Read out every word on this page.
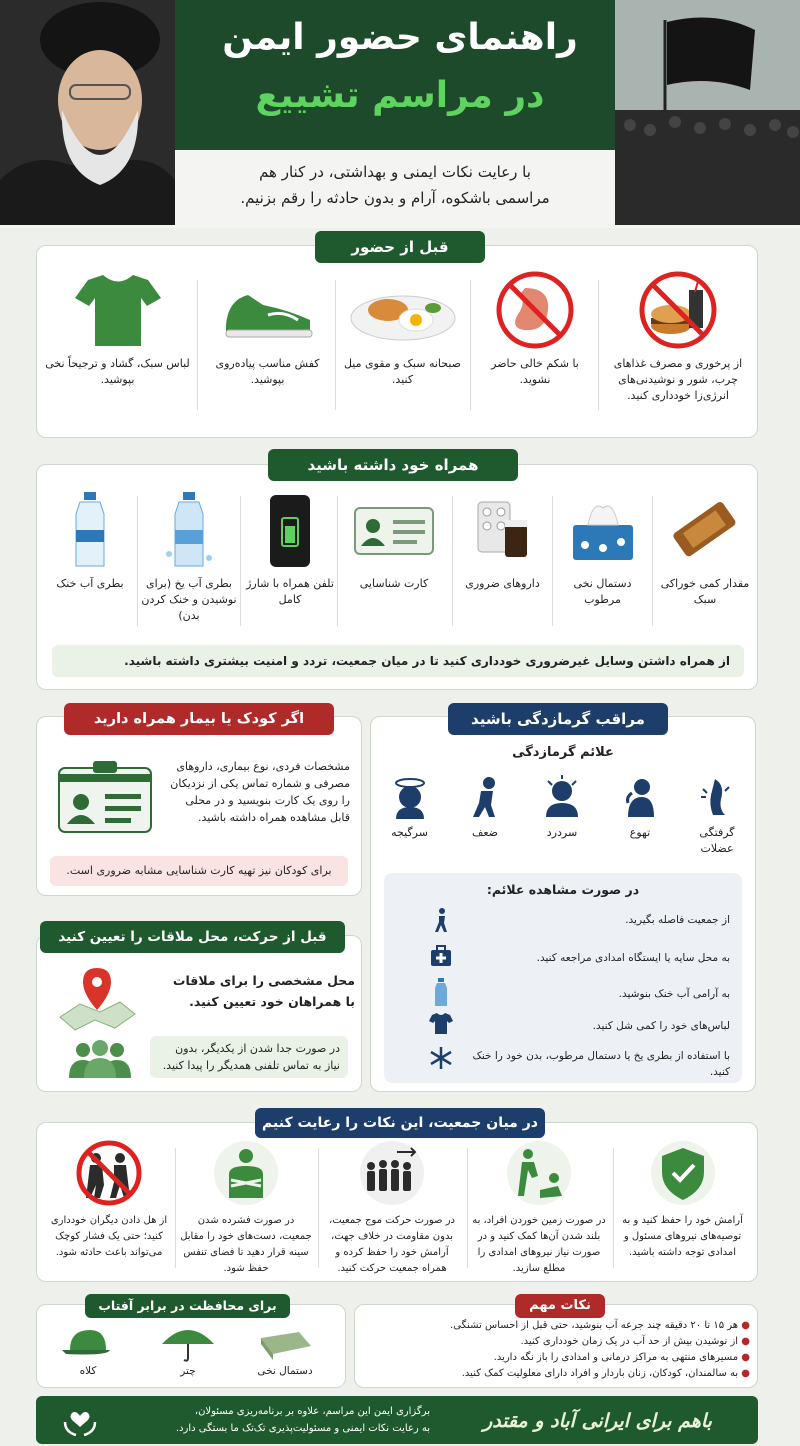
راهنمای حضور ایمن
در مراسم تشییع
با رعایت نکات ایمنی و بهداشتی، در کنار هم
مراسمی باشکوه، آرام و بدون حادثه را رقم بزنیم.
قبل از حضور
از پرخوری و مصرف غذاهای چرب، شور و نوشیدنی‌های انرژی‌زا خودداری کنید.
با شکم خالی حاضر نشوید.
صبحانه سبک و مقوی میل کنید.
کفش مناسب پیاده‌روی بپوشید.
لباس سبک، گشاد و ترجیحاً نخی بپوشید.
همراه خود داشته باشید
مقدار کمی خوراکی سبک
دستمال نخی مرطوب
داروهای ضروری
کارت شناسایی
تلفن همراه با شارژ کامل
بطری آب یخ (برای نوشیدن و خنک کردن بدن)
بطری آب خنک
از همراه داشتن وسایل غیرضروری خودداری کنید تا در میان جمعیت، تردد و امنیت بیشتری داشته باشید.
مراقب گرمازدگی باشید
علائم گرمازدگی
گرفتگی عضلات
تهوع
سردرد
ضعف
سرگیجه
در صورت مشاهده علائم:
از جمعیت فاصله بگیرید.
به محل سایه یا ایستگاه امدادی مراجعه کنید.
به آرامی آب خنک بنوشید.
لباس‌های خود را کمی شل کنید.
با استفاده از بطری یخ یا دستمال مرطوب، بدن خود را خنک کنید.
اگر کودک یا بیمار همراه دارید
مشخصات فردی، نوع بیماری، داروهای مصرفی و شماره تماس یکی از نزدیکان را روی یک کارت بنویسید و در محلی قابل مشاهده همراه داشته باشید.
برای کودکان نیز تهیه کارت شناسایی مشابه ضروری است.
قبل از حرکت، محل ملاقات را تعیین کنید
محل مشخصی را برای ملاقات با همراهان خود تعیین کنید.
در صورت جدا شدن از یکدیگر، بدون نیاز به تماس تلفنی همدیگر را پیدا کنید.
در میان جمعیت، این نکات را رعایت کنیم
آرامش خود را حفظ کنید و به توصیه‌های نیروهای مسئول و امدادی توجه داشته باشید.
در صورت زمین خوردن افراد، به بلند شدن آن‌ها کمک کنید و در صورت نیاز نیروهای امدادی را مطلع سازید.
در صورت حرکت موج جمعیت، بدون مقاومت در خلاف جهت، آرامش خود را حفظ کرده و همراه جمعیت حرکت کنید.
در صورت فشرده شدن جمعیت، دست‌های خود را مقابل سینه قرار دهید تا فضای تنفس حفظ شود.
از هل دادن دیگران خودداری کنید؛ حتی یک فشار کوچک می‌تواند باعث حادثه شود.
نکات مهم
● هر ۱۵ تا ۲۰ دقیقه چند جرعه آب بنوشید، حتی قبل از احساس تشنگی.
● از نوشیدن بیش از حد آب در یک زمان خودداری کنید.
● مسیرهای منتهی به مراکز درمانی و امدادی را باز نگه دارید.
● به سالمندان، کودکان، زنان باردار و افراد دارای معلولیت کمک کنید.
برای محافظت در برابر آفتاب
دستمال نخی
چتر
کلاه
برگزاری ایمن این مراسم، علاوه بر برنامه‌ریزی مسئولان،
به رعایت نکات ایمنی و مسئولیت‌پذیری تک‌تک ما بستگی دارد.	باهم برای ایرانی آباد و مقتدر
